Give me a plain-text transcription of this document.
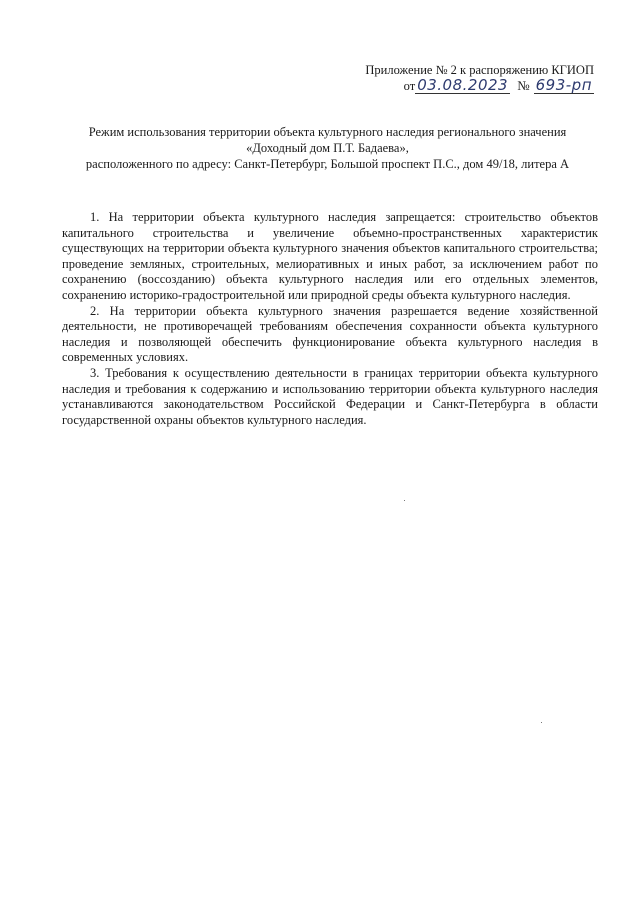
Приложение № 2 к распоряжению КГИОП
от 03.08.2023 № 693-рп
Режим использования территории объекта культурного наследия регионального значения
«Доходный дом П.Т. Бадаева»,
расположенного по адресу: Санкт-Петербург, Большой проспект П.С., дом 49/18, литера А

1. На территории объекта культурного наследия запрещается: строительство объектов капитального строительства и увеличение объемно-пространственных характеристик существующих на территории объекта культурного значения объектов капитального строительства; проведение земляных, строительных, мелиоративных и иных работ, за исключением работ по сохранению (воссозданию) объекта культурного наследия или его отдельных элементов, сохранению историко-градостроительной или природной среды объекта культурного наследия.

2. На территории объекта культурного значения разрешается ведение хозяйственной деятельности, не противоречащей требованиям обеспечения сохранности объекта культурного наследия и позволяющей обеспечить функционирование объекта культурного наследия в современных условиях.

3. Требования к осуществлению деятельности в границах территории объекта культурного наследия и требования к содержанию и использованию территории объекта культурного наследия устанавливаются законодательством Российской Федерации и Санкт-Петербурга в области государственной охраны объектов культурного наследия.
